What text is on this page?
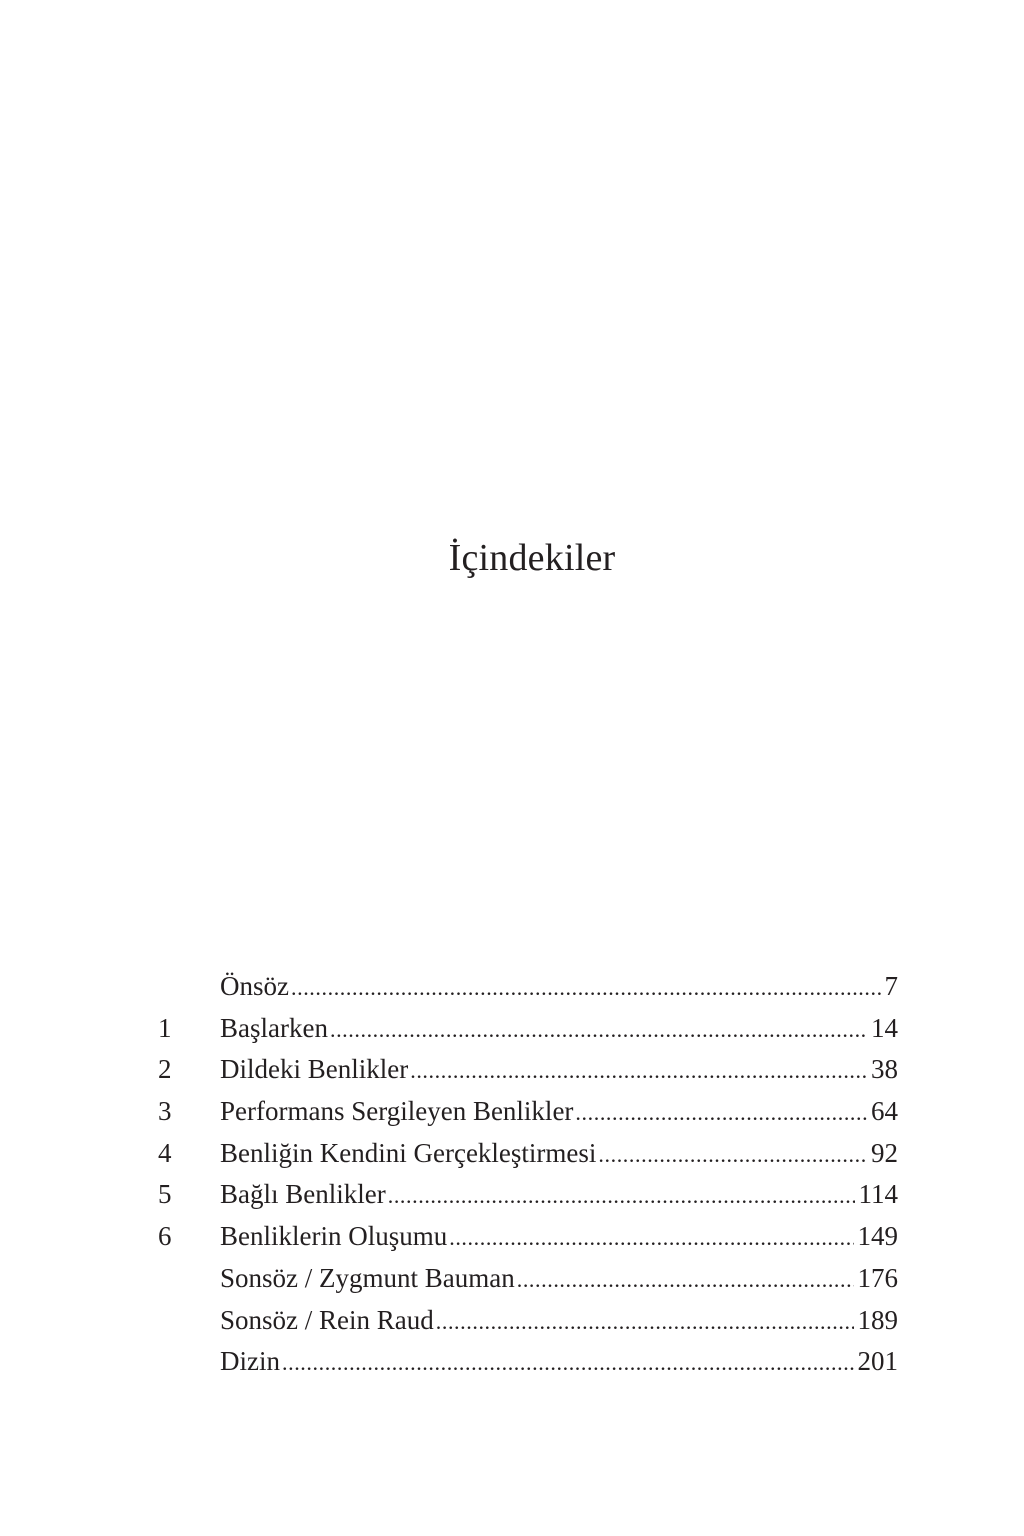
İçindekiler
Önsöz .....	7
1	Başlarken .....	14
2	Dildeki Benlikler .....	38
3	Performans Sergileyen Benlikler .....	64
4	Benliğin Kendini Gerçekleştirmesi .....	92
5	Bağlı Benlikler .....	114
6	Benliklerin Oluşumu .....	149
Sonsöz / Zygmunt Bauman .....	176
Sonsöz / Rein Raud .....	189
Dizin .....	201
